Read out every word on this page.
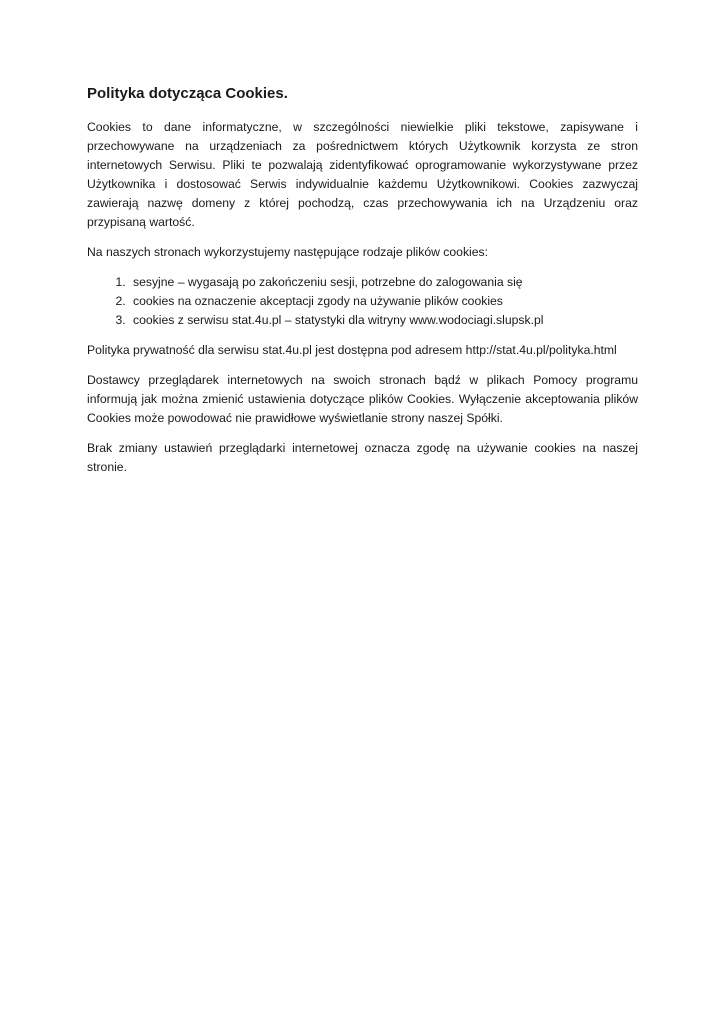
Polityka dotycząca Cookies.

Cookies to dane informatyczne, w szczególności niewielkie pliki tekstowe, zapisywane i przechowywane na urządzeniach za pośrednictwem których Użytkownik korzysta ze stron internetowych Serwisu. Pliki te pozwalają zidentyfikować oprogramowanie wykorzystywane przez Użytkownika i dostosować Serwis indywidualnie każdemu Użytkownikowi. Cookies zazwyczaj zawierają nazwę domeny z której pochodzą, czas przechowywania ich na Urządzeniu oraz przypisaną wartość.

Na naszych stronach wykorzystujemy następujące rodzaje plików cookies:

1. sesyjne – wygasają po zakończeniu sesji, potrzebne do zalogowania się
2. cookies na oznaczenie akceptacji zgody na używanie plików cookies
3. cookies z serwisu stat.4u.pl – statystyki dla witryny www.wodociagi.slupsk.pl

Polityka prywatność dla serwisu stat.4u.pl jest dostępna pod adresem http://stat.4u.pl/polityka.html

Dostawcy przeglądarek internetowych na swoich stronach bądź w plikach Pomocy programu informują jak można zmienić ustawienia dotyczące plików Cookies. Wyłączenie akceptowania plików Cookies może powodować nie prawidłowe wyświetlanie strony naszej Spółki.

Brak zmiany ustawień przeglądarki internetowej oznacza zgodę na używanie cookies na naszej stronie.
